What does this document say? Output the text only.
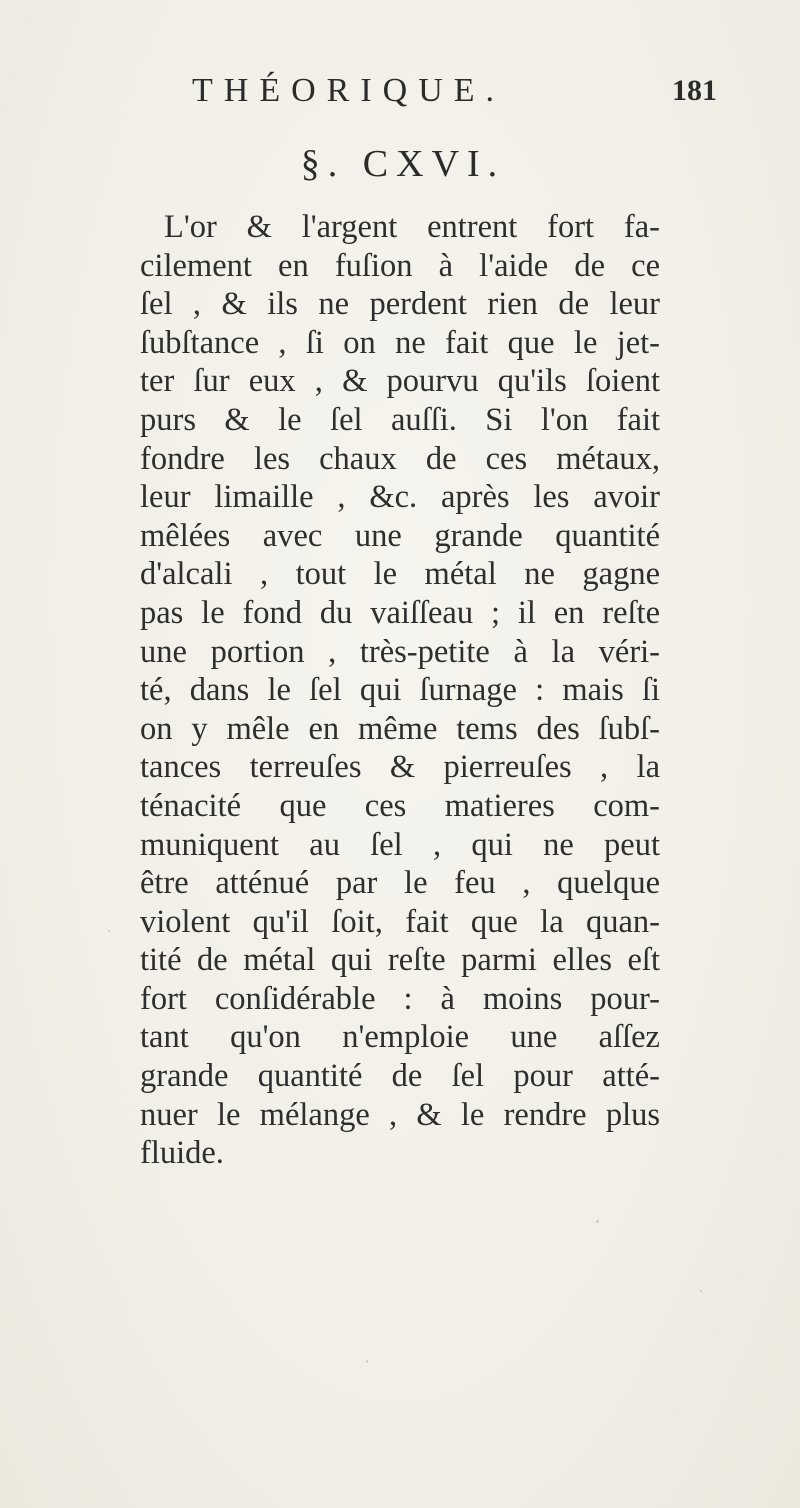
THÉORIQUE.	181
§. CXVI.
L'or & l'argent entrent fort fa-
cilement en fuſion à l'aide de ce
ſel , & ils ne perdent rien de leur
ſubſtance , ſi on ne fait que le jet-
ter ſur eux , & pourvu qu'ils ſoient
purs & le ſel auſſi. Si l'on fait
fondre les chaux de ces métaux,
leur limaille , &c. après les avoir
mêlées avec une grande quantité
d'alcali , tout le métal ne gagne
pas le fond du vaiſſeau ; il en reſte
une portion , très-petite à la véri-
té, dans le ſel qui ſurnage : mais ſi
on y mêle en même tems des ſubſ-
tances terreuſes & pierreuſes , la
ténacité que ces matieres com-
muniquent au ſel , qui ne peut
être atténué par le feu , quelque
violent qu'il ſoit, fait que la quan-
tité de métal qui reſte parmi elles eſt
fort conſidérable : à moins pour-
tant qu'on n'emploie une aſſez
grande quantité de ſel pour atté-
nuer le mélange , & le rendre plus
fluide.
